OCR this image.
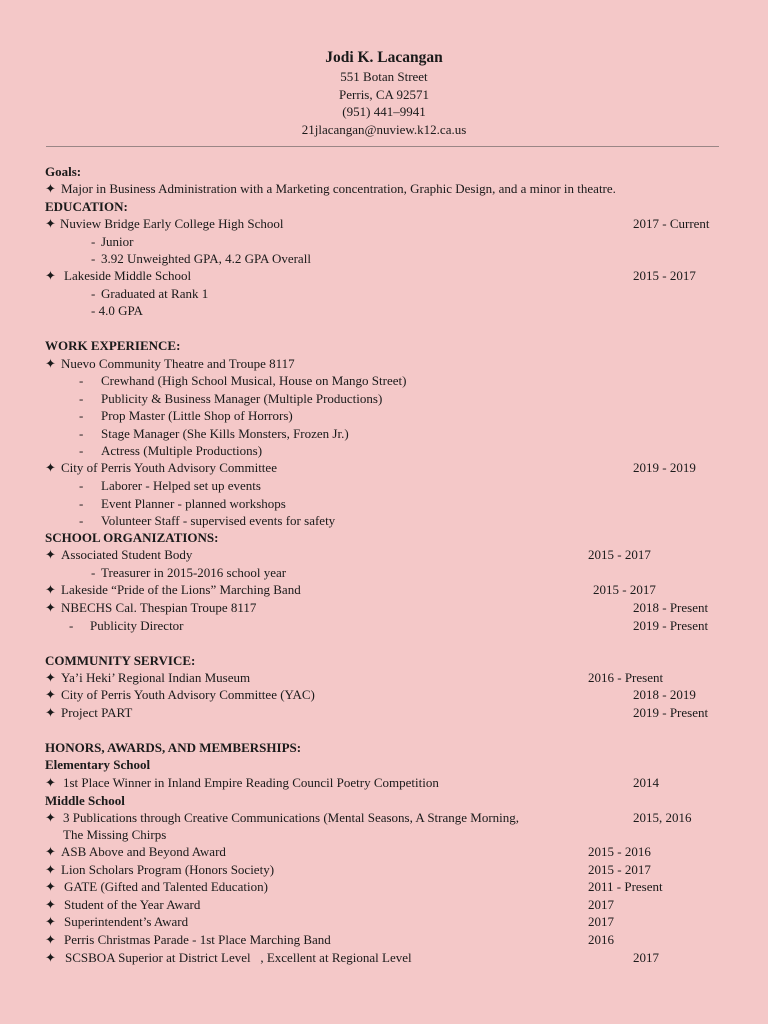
Jodi K. Lacangan
551 Botan Street
Perris, CA 92571
(951) 441–9941
21jlacangan@nuview.k12.ca.us
Goals:
✦ Major in Business Administration with a Marketing concentration, Graphic Design, and a minor in theatre.
EDUCATION:
✦ Nuview Bridge Early College High School	2017 - Current
- Junior
- 3.92 Unweighted GPA, 4.2 GPA Overall
✦ Lakeside Middle School	2015 - 2017
- Graduated at Rank 1
- 4.0 GPA
WORK EXPERIENCE:
✦ Nuevo Community Theatre and Troupe 8117
- Crewhand (High School Musical, House on Mango Street)
- Publicity & Business Manager (Multiple Productions)
- Prop Master (Little Shop of Horrors)
- Stage Manager (She Kills Monsters, Frozen Jr.)
- Actress (Multiple Productions)
✦ City of Perris Youth Advisory Committee	2019 - 2019
- Laborer - Helped set up events
- Event Planner - planned workshops
- Volunteer Staff - supervised events for safety
SCHOOL ORGANIZATIONS:
✦ Associated Student Body	2015 - 2017
- Treasurer in 2015-2016 school year
✦ Lakeside “Pride of the Lions” Marching Band	2015 - 2017
✦ NBECHS Cal. Thespian Troupe 8117	2018 - Present
- Publicity Director	2019 - Present
COMMUNITY SERVICE:
✦ Ya’i Heki’ Regional Indian Museum	2016 - Present
✦ City of Perris Youth Advisory Committee (YAC)	2018 - 2019
✦ Project PART	2019 - Present
HONORS, AWARDS, AND MEMBERSHIPS:
Elementary School
✦ 1st Place Winner in Inland Empire Reading Council Poetry Competition	2014
Middle School
✦ 3 Publications through Creative Communications (Mental Seasons, A Strange Morning,	2015, 2016
The Missing Chirps
✦ ASB Above and Beyond Award	2015 - 2016
✦ Lion Scholars Program (Honors Society)	2015 - 2017
✦ GATE (Gifted and Talented Education)	2011 - Present
✦ Student of the Year Award	2017
✦ Superintendent’s Award	2017
✦ Perris Christmas Parade - 1st Place Marching Band	2016
✦ SCSBOA Superior at District Level   , Excellent at Regional Level	2017
